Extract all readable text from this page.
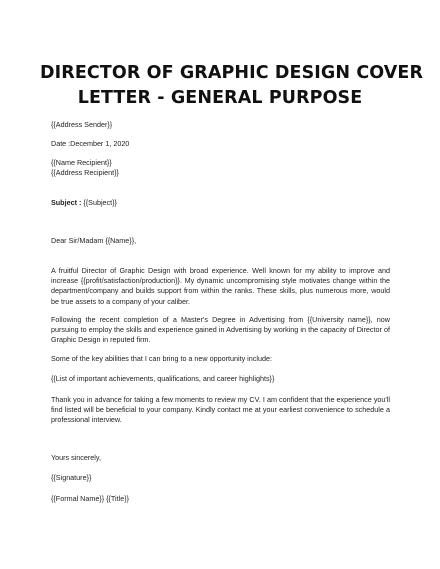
DIRECTOR OF GRAPHIC DESIGN COVER
LETTER - GENERAL PURPOSE
{{Address Sender}}
Date :December 1, 2020
{{Name Recipient}}
{{Address Recipient}}
Subject : {{Subject}}
Dear Sir/Madam {{Name}},
A fruitful Director of Graphic Design with broad experience. Well known for my ability to improve and increase {{profit/satisfaction/production}}. My dynamic uncompromising style motivates change within the department/company and builds support from within the ranks. These skills, plus numerous more, would be true assets to a company of your caliber.
Following the recent completion of a Master's Degree in Advertising from {{University name}}, now pursuing to employ the skills and experience gained in Advertising by working in the capacity of Director of Graphic Design in reputed firm.
Some of the key abilities that I can bring to a new opportunity include:
{{List of important achievements, qualifications, and career highlights}}
Thank you in advance for taking a few moments to review my CV. I am confident that the experience you'll find listed will be beneficial to your company. Kindly contact me at your earliest convenience to schedule a professional interview.
Yours sincerely,
{{Signature}}
{{Formal Name}} {{Title}}
